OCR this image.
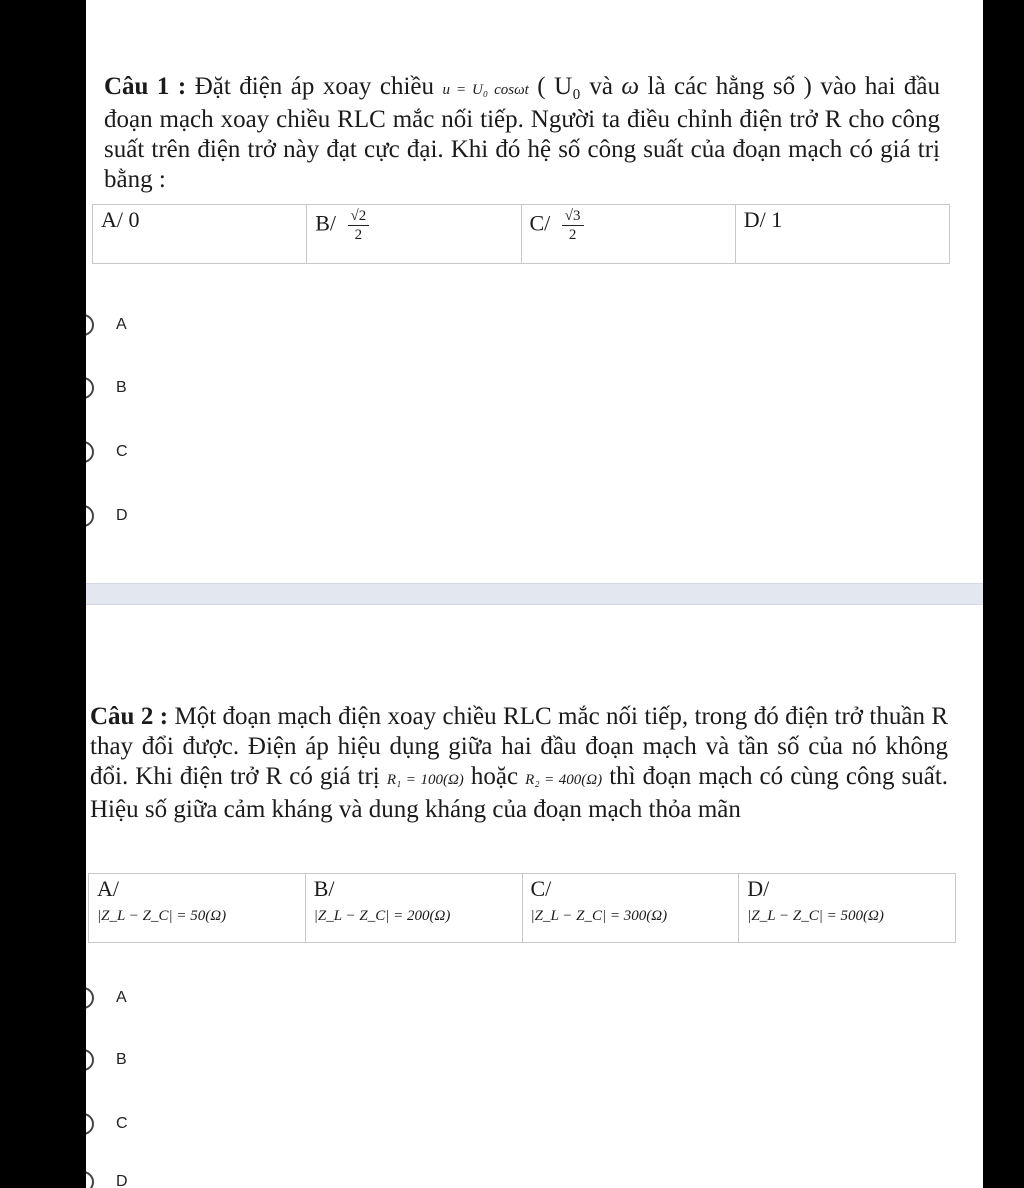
Câu 1 : Đặt điện áp xoay chiều u = U₀ cosωt ( U₀ và ω là các hằng số ) vào hai đầu đoạn mạch xoay chiều RLC mắc nối tiếp. Người ta điều chỉnh điện trở R cho công suất trên điện trở này đạt cực đại. Khi đó hệ số công suất của đoạn mạch có giá trị bằng :
A/ 0	$B/ \frac{√2}{2}$	$C/ \frac{√3}{2}$	D/ 1
A
B
C
D
Câu 2 : Một đoạn mạch điện xoay chiều RLC mắc nối tiếp, trong đó điện trở thuần R thay đổi được. Điện áp hiệu dụng giữa hai đầu đoạn mạch và tần số của nó không đổi. Khi điện trở R có giá trị R₁ = 100(Ω) hoặc R₂ = 400(Ω) thì đoạn mạch có cùng công suất. Hiệu số giữa cảm kháng và dung kháng của đoạn mạch thỏa mãn
A/
|Z_L − Z_C| = 50(Ω)
	B/
|Z_L − Z_C| = 200(Ω)
	C/
|Z_L − Z_C| = 300(Ω)
	D/
|Z_L − Z_C| = 500(Ω)
A
B
C
D
